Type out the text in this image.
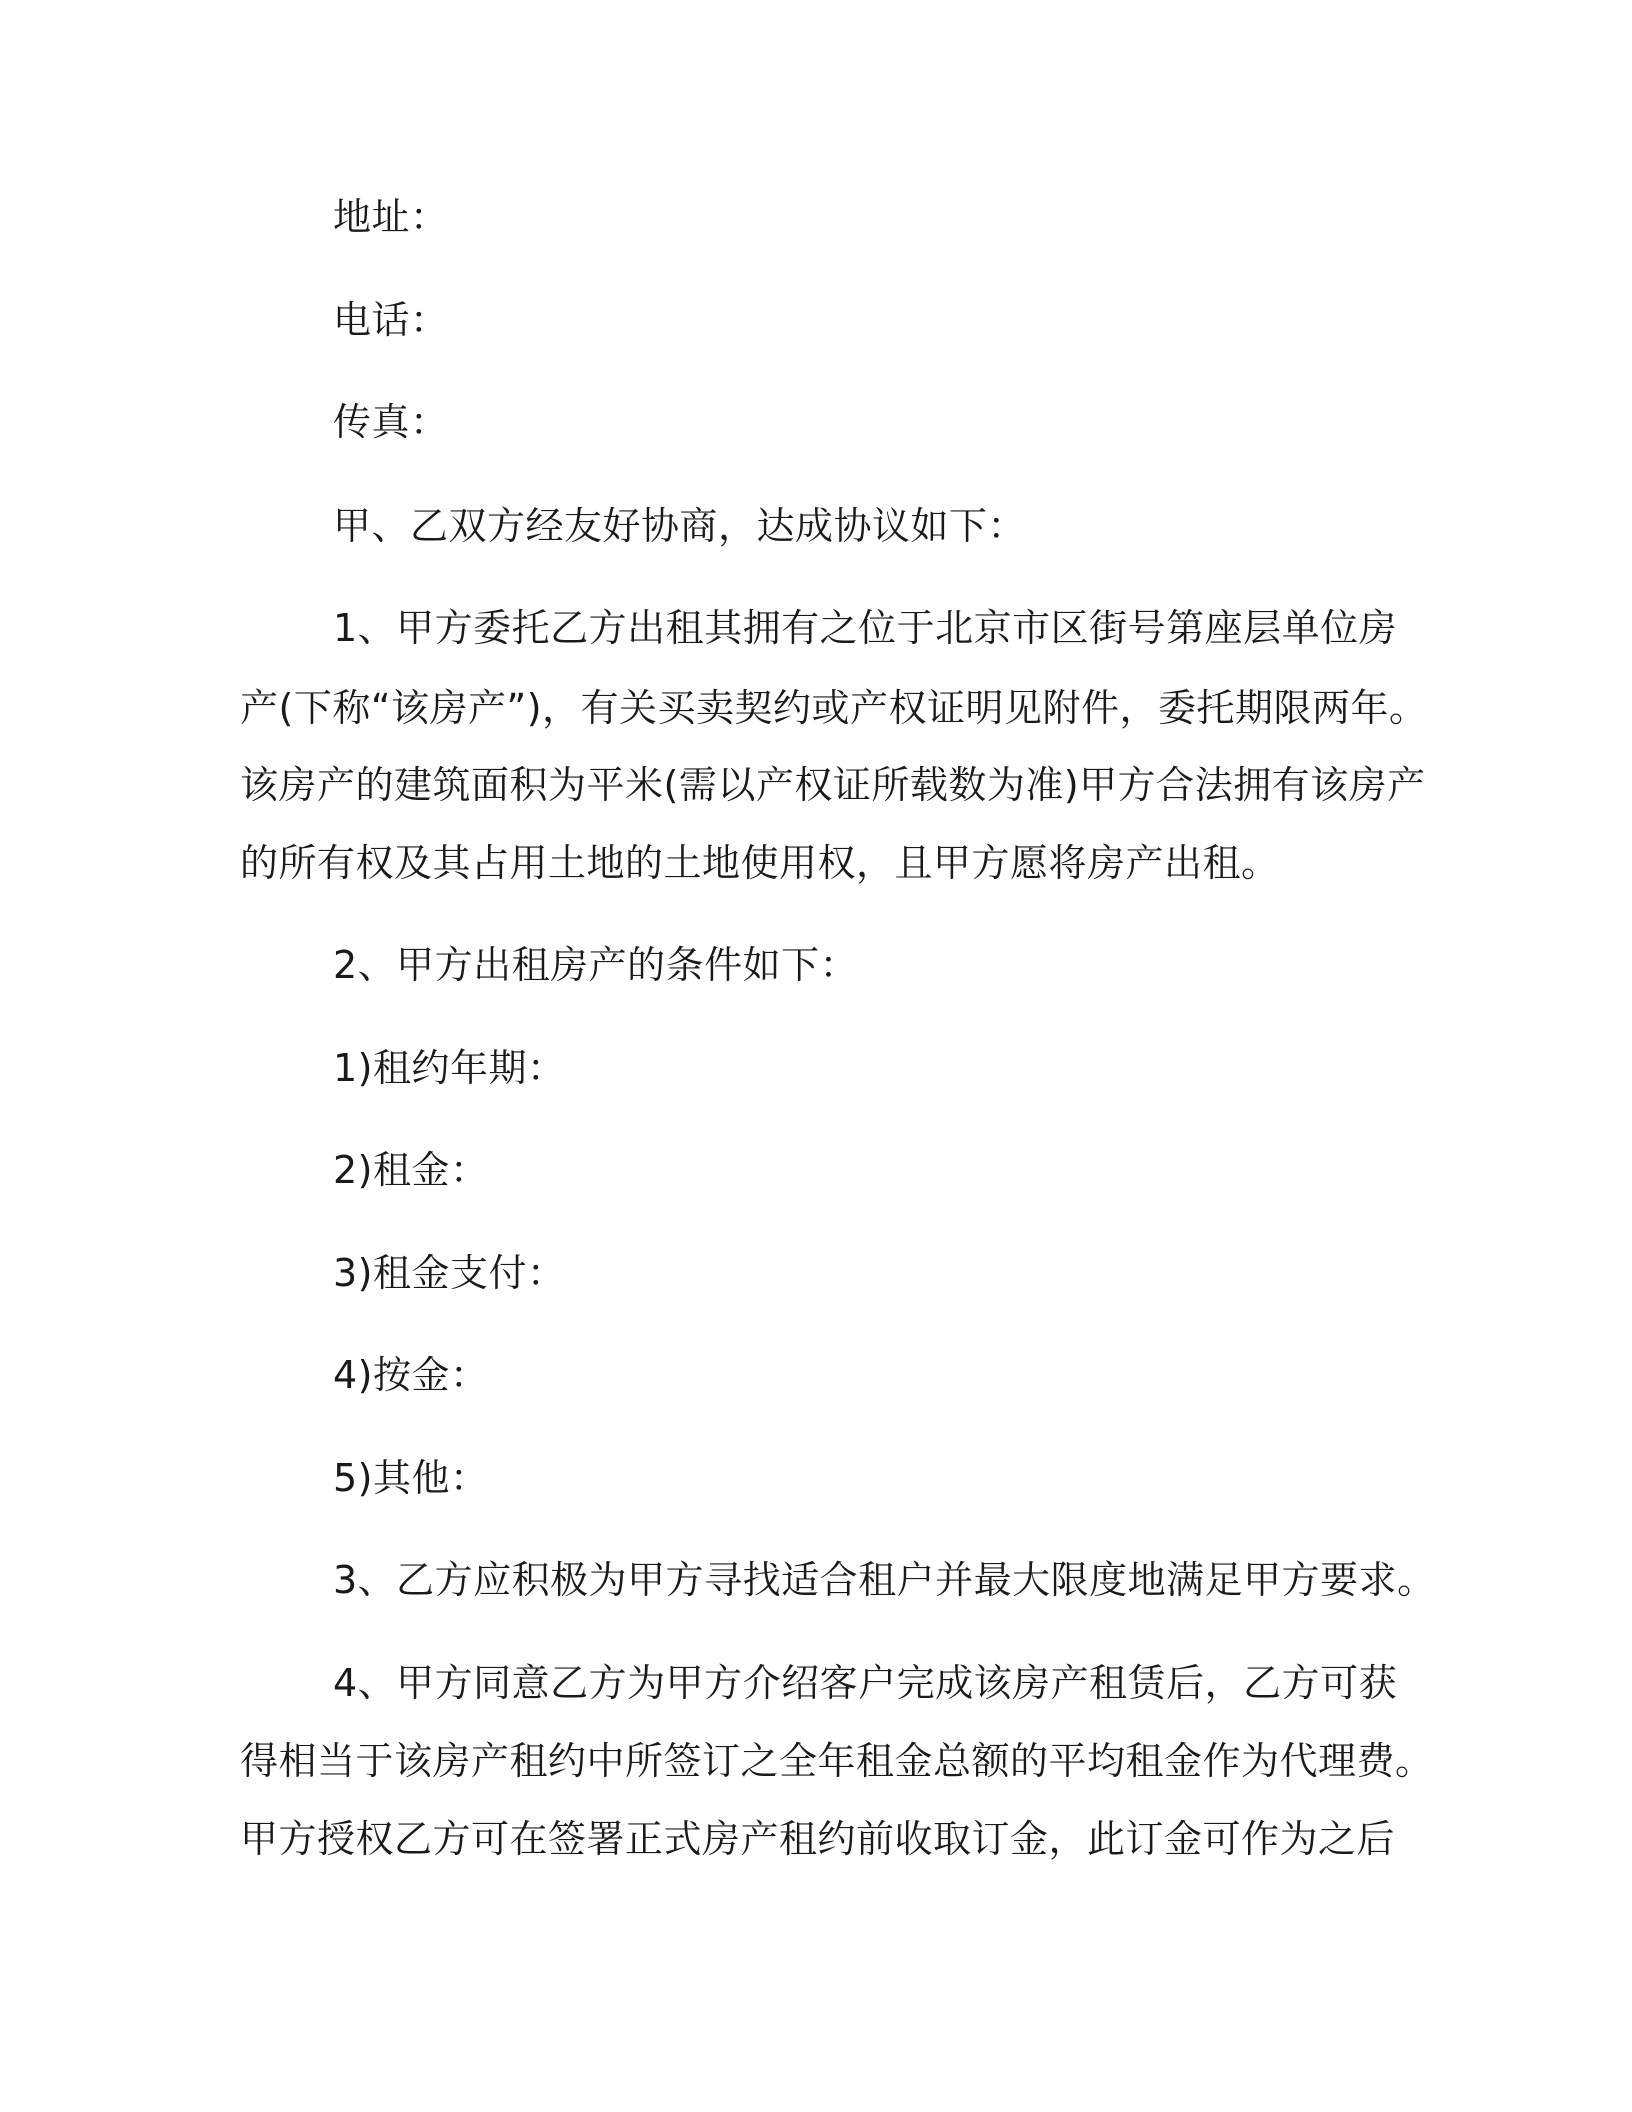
地址：

电话：

传真：

甲、乙双方经友好协商，达成协议如下：

1、甲方委托乙方出租其拥有之位于北京市区街号第座层单位房

产(下称“该房产”)，有关买卖契约或产权证明见附件，委托期限两年。

该房产的建筑面积为平米(需以产权证所载数为准)甲方合法拥有该房产

的所有权及其占用土地的土地使用权，且甲方愿将房产出租。

2、甲方出租房产的条件如下：

1)租约年期：

2)租金：

3)租金支付：

4)按金：

5)其他：

3、乙方应积极为甲方寻找适合租户并最大限度地满足甲方要求。

4、甲方同意乙方为甲方介绍客户完成该房产租赁后，乙方可获

得相当于该房产租约中所签订之全年租金总额的平均租金作为代理费。

甲方授权乙方可在签署正式房产租约前收取订金，此订金可作为之后
